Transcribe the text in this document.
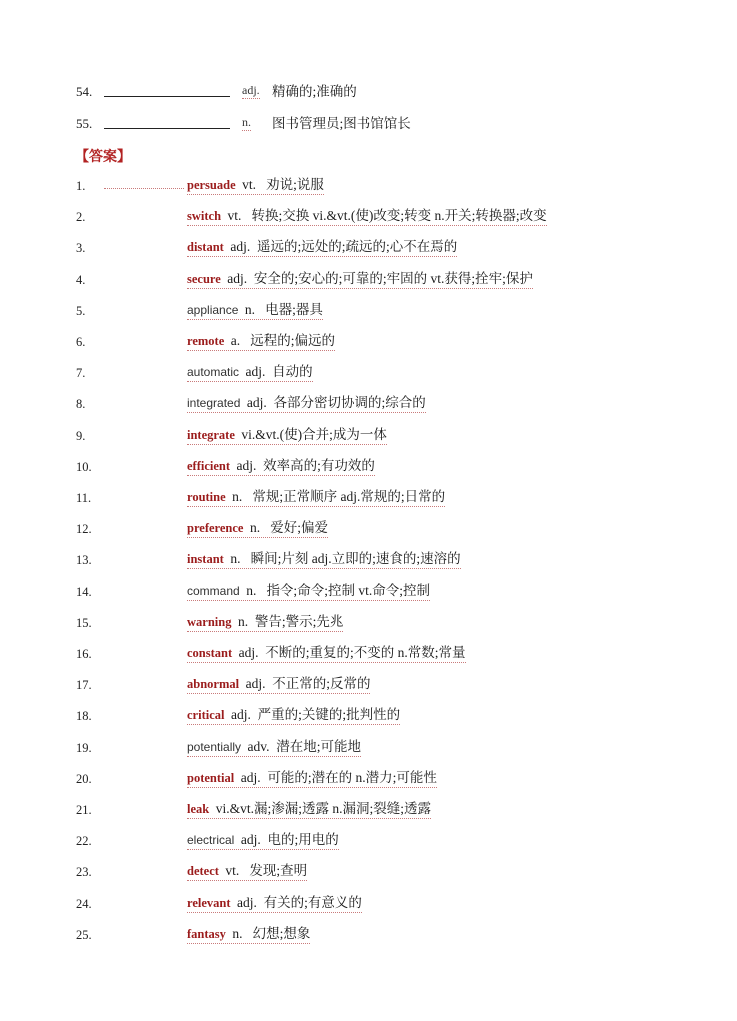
54.	adj. 精确的;准确的
55.	n. 图书管理员;图书馆馆长
【答案】
1.	persuade vt.   劝说;说服
2.	switch vt.   转换;交换 vi.&vt.(使)改变;转变 n.开关;转换器;改变
3.	distant adj.  遥远的;远处的;疏远的;心不在焉的
4.	secure adj.  安全的;安心的;可靠的;牢固的 vt.获得;拴牢;保护
5.	appliance n.   电器;器具
6.	remote a.   远程的;偏远的
7.	automatic adj.  自动的
8.	integrated adj.  各部分密切协调的;综合的
9.	integrate vi.&vt.(使)合并;成为一体
10.	efficient adj.  效率高的;有功效的
11.	routine n.   常规;正常顺序 adj.常规的;日常的
12.	preference n.   爱好;偏爱
13.	instant n.   瞬间;片刻 adj.立即的;速食的;速溶的
14.	command n.   指令;命令;控制 vt.命令;控制
15.	warning n.  警告;警示;先兆
16.	constant adj.  不断的;重复的;不变的 n.常数;常量
17.	abnormal adj.  不正常的;反常的
18.	critical adj.  严重的;关键的;批判性的
19.	potentially adv.  潜在地;可能地
20.	potential adj.  可能的;潜在的 n.潜力;可能性
21.	leak vi.&vt.漏;渗漏;透露 n.漏洞;裂缝;透露
22.	electrical adj.  电的;用电的
23.	detect vt.   发现;查明
24.	relevant adj.  有关的;有意义的
25.	fantasy n.   幻想;想象
